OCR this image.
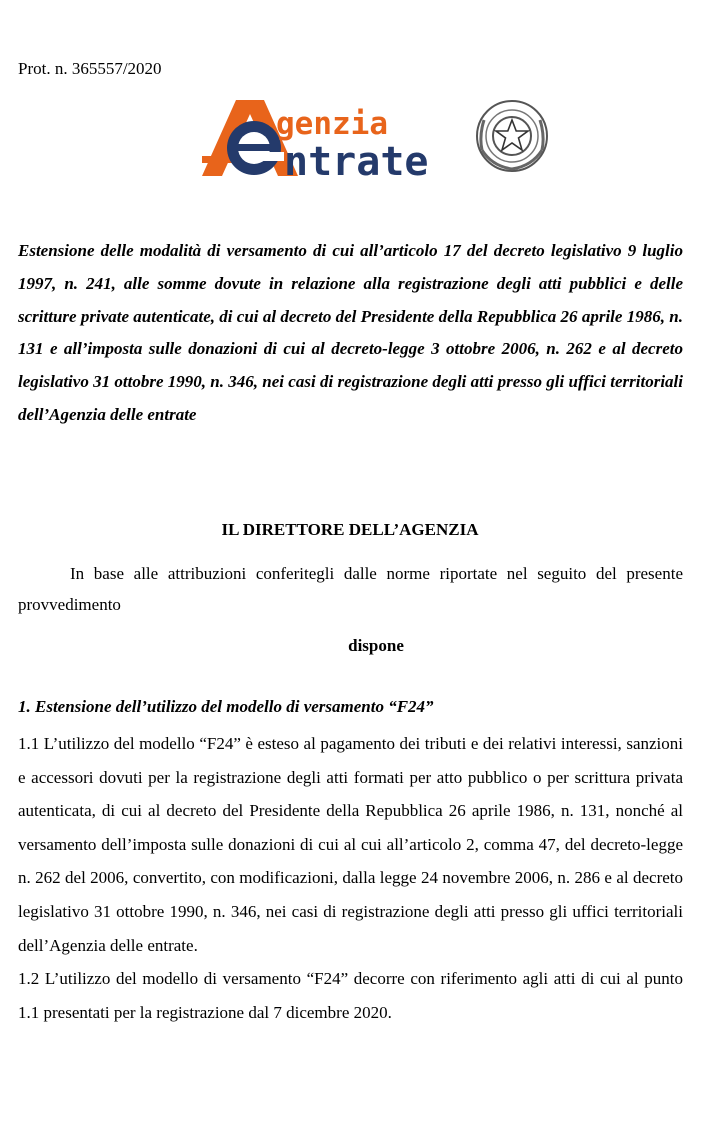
Prot. n. 365557/2020

genzia
ntrate

Estensione delle modalità di versamento di cui all’articolo 17 del decreto legislativo 9 luglio 1997, n. 241, alle somme dovute in relazione alla registrazione degli atti pubblici e delle scritture private autenticate, di cui al decreto del Presidente della Repubblica 26 aprile 1986, n. 131 e all’imposta sulle donazioni di cui al decreto-legge 3 ottobre 2006, n. 262 e al decreto legislativo 31 ottobre 1990, n. 346, nei casi di registrazione degli atti presso gli uffici territoriali dell’Agenzia delle entrate

IL DIRETTORE DELL’AGENZIA

In base alle attribuzioni conferitegli dalle norme riportate nel seguito del presente provvedimento

dispone

1. Estensione dell’utilizzo del modello di versamento “F24”

1.1 L’utilizzo del modello “F24” è esteso al pagamento dei tributi e dei relativi interessi, sanzioni e accessori dovuti per la registrazione degli atti formati per atto pubblico o per scrittura privata autenticata, di cui al decreto del Presidente della Repubblica 26 aprile 1986, n. 131, nonché al versamento dell’imposta sulle donazioni di cui al cui all’articolo 2, comma 47, del decreto-legge n. 262 del 2006, convertito, con modificazioni, dalla legge 24 novembre 2006, n. 286 e al decreto legislativo 31 ottobre 1990, n. 346, nei casi di registrazione degli atti presso gli uffici territoriali dell’Agenzia delle entrate.

1.2 L’utilizzo del modello di versamento “F24” decorre con riferimento agli atti di cui al punto 1.1 presentati per la registrazione dal 7 dicembre 2020.
